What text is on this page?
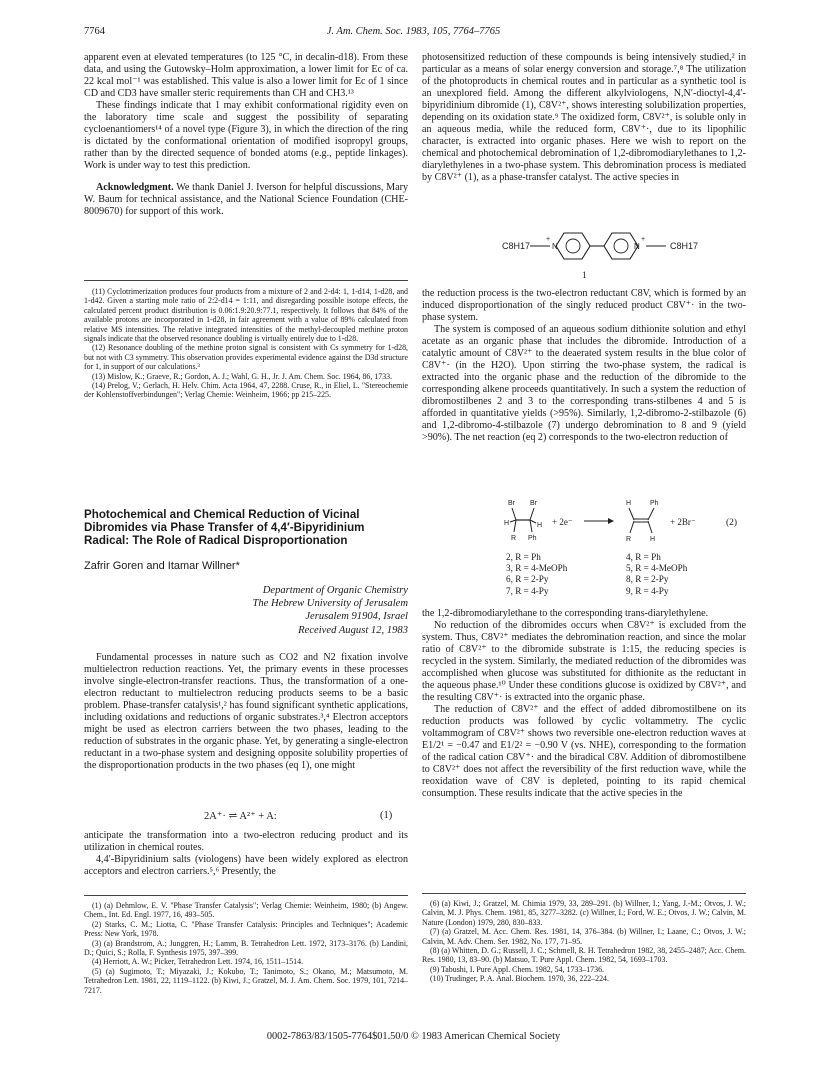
7764	J. Am. Chem. Soc. 1983, 105, 7764–7765

apparent even at elevated temperatures (to 125 °C, in decalin-d18). From these data, and using the Gutowsky–Holm approximation, a lower limit for Ec of ca. 22 kcal mol⁻¹ was established. This value is also a lower limit for Ec of 1 since CD and CD3 have smaller steric requirements than CH and CH3.¹³

These findings indicate that 1 may exhibit conformational rigidity even on the laboratory time scale and suggest the possibility of separating cycloenantiomers¹⁴ of a novel type (Figure 3), in which the direction of the ring is dictated by the conformational orientation of modified isopropyl groups, rather than by the directed sequence of bonded atoms (e.g., peptide linkages). Work is under way to test this prediction.

Acknowledgment. We thank Daniel J. Iverson for helpful discussions, Mary W. Baum for technical assistance, and the National Science Foundation (CHE-8009670) for support of this work.

(11) Cyclotrimerization produces four products from a mixture of 2 and 2-d4: 1, 1-d14, 1-d28, and 1-d42. Given a starting mole ratio of 2:2-d14 = 1:11, and disregarding possible isotope effects, the calculated percent product distribution is 0.06:1.9:20.9:77.1, respectively. It follows that 84% of the available protons are incorporated in 1-d28, in fair agreement with a value of 89% calculated from relative MS intensities. The relative integrated intensities of the methyl-decoupled methine proton signals indicate that the observed resonance doubling is virtually entirely due to 1-d28.

(12) Resonance doubling of the methine proton signal is consistent with Cs symmetry for 1-d28, but not with C3 symmetry. This observation provides experimental evidence against the D3d structure for 1, in support of our calculations.³

(13) Mislow, K.; Graeve, R.; Gordon, A. J.; Wahl, G. H., Jr. J. Am. Chem. Soc. 1964, 86, 1733.

(14) Prelog, V.; Gerlach, H. Helv. Chim. Acta 1964, 47, 2288. Cruse, R., in Eliel, L. "Stereochemie der Kohlenstoffverbindungen"; Verlag Chemie: Weinheim, 1966; pp 215–225.

Photochemical and Chemical Reduction of Vicinal
Dibromides via Phase Transfer of 4,4′-Bipyridinium
Radical: The Role of Radical Disproportionation
Zafrir Goren and Itamar Willner*
Department of Organic Chemistry
The Hebrew University of Jerusalem
Jerusalem 91904, Israel
Received August 12, 1983

Fundamental processes in nature such as CO2 and N2 fixation involve multielectron reduction reactions. Yet, the primary events in these processes involve single-electron-transfer reactions. Thus, the transformation of a one-electron reductant to multielectron reducing products seems to be a basic problem. Phase-transfer catalysis¹,² has found significant synthetic applications, including oxidations and reductions of organic substrates.³,⁴ Electron acceptors might be used as electron carriers between the two phases, leading to the reduction of substrates in the organic phase. Yet, by generating a single-electron reductant in a two-phase system and designing opposite solubility properties of the disproportionation products in the two phases (eq 1), one might

2A⁺· ⇌ A²⁺ + A:	(1)

anticipate the transformation into a two-electron reducing product and its utilization in chemical routes.

4,4′-Bipyridinium salts (viologens) have been widely explored as electron acceptors and electron carriers.⁵,⁶ Presently, the

(1) (a) Dehmlow, E. V. "Phase Transfer Catalysis"; Verlag Chemie: Weinheim, 1980; (b) Angew. Chem., Int. Ed. Engl. 1977, 16, 493–505.

(2) Starks, C. M.; Liotta, C. "Phase Transfer Catalysis: Principles and Techniques"; Academic Press: New York, 1978.

(3) (a) Brandstrom, A.; Junggren, H.; Lamm, B. Tetrahedron Lett. 1972, 3173–3176. (b) Landini, D.; Quici, S.; Rolla, F. Synthesis 1975, 397–399.

(4) Herriott, A. W.; Picker, Tetrahedron Lett. 1974, 16, 1511–1514.

(5) (a) Sugimoto, T.; Miyazaki, J.; Kokubo, T.; Tanimoto, S.; Okano, M.; Matsumoto, M. Tetrahedron Lett. 1981, 22, 1119–1122. (b) Kiwi, J.; Gratzel, M. J. Am. Chem. Soc. 1979, 101, 7214–7217.

photosensitized reduction of these compounds is being intensively studied,² in particular as a means of solar energy conversion and storage.⁷,⁸ The utilization of the photoproducts in chemical routes and in particular as a synthetic tool is an unexplored field. Among the different alkylviologens, N,N′-dioctyl-4,4′-bipyridinium dibromide (1), C8V²⁺, shows interesting solubilization properties, depending on its oxidation state.⁹ The oxidized form, C8V²⁺, is soluble only in an aqueous media, while the reduced form, C8V⁺·, due to its lipophilic character, is extracted into organic phases. Here we wish to report on the chemical and photochemical debromination of 1,2-dibromodiarylethanes to 1,2-diarylethylenes in a two-phase system. This debromination process is mediated by C8V²⁺ (1), as a phase-transfer catalyst. The active species in

C8H17
+
N	N
+
C8H17
1

the reduction process is the two-electron reductant C8V, which is formed by an induced disproportionation of the singly reduced product C8V⁺· in the two-phase system.

The system is composed of an aqueous sodium dithionite solution and ethyl acetate as an organic phase that includes the dibromide. Introduction of a catalytic amount of C8V²⁺ to the deaerated system results in the blue color of C8V⁺· (in the H2O). Upon stirring the two-phase system, the radical is extracted into the organic phase and the reduction of the dibromide to the corresponding alkene proceeds quantitatively. In such a system the reduction of dibromostilbenes 2 and 3 to the corresponding trans-stilbenes 4 and 5 is afforded in quantitative yields (>95%). Similarly, 1,2-dibromo-2-stilbazole (6) and 1,2-dibromo-4-stilbazole (7) undergo debromination to 8 and 9 (yield >90%). The net reaction (eq 2) corresponds to the two-electron reduction of

Br Br
H	H
R Ph
+ 2e⁻
H	Ph
R	H
+ 2Br⁻	(2)
2, R = Ph
3, R = 4-MeOPh
6, R = 2-Py
7, R = 4-Py
4, R = Ph
5, R = 4-MeOPh
8, R = 2-Py
9, R = 4-Py

the 1,2-dibromodiarylethane to the corresponding trans-diarylethylene.

No reduction of the dibromides occurs when C8V²⁺ is excluded from the system. Thus, C8V²⁺ mediates the debromination reaction, and since the molar ratio of C8V²⁺ to the dibromide substrate is 1:15, the reducing species is recycled in the system. Similarly, the mediated reduction of the dibromides was accomplished when glucose was substituted for dithionite as the reductant in the aqueous phase.¹⁰ Under these conditions glucose is oxidized by C8V²⁺, and the resulting C8V⁺· is extracted into the organic phase.

The reduction of C8V²⁺ and the effect of added dibromostilbene on its reduction products was followed by cyclic voltammetry. The cyclic voltammogram of C8V²⁺ shows two reversible one-electron reduction waves at E1/2¹ = −0.47 and E1/2² = −0.90 V (vs. NHE), corresponding to the formation of the radical cation C8V⁺· and the biradical C8V. Addition of dibromostilbene to C8V²⁺ does not affect the reversibility of the first reduction wave, while the reoxidation wave of C8V is depleted, pointing to its rapid chemical consumption. These results indicate that the active species in the

(6) (a) Kiwi, J.; Gratzel, M. Chimia 1979, 33, 289–291. (b) Willner, I.; Yang, J.-M.; Otvos, J. W.; Calvin, M. J. Phys. Chem. 1981, 85, 3277–3282. (c) Willner, I.; Ford, W. E.; Otvos, J. W.; Calvin, M. Nature (London) 1979, 280, 830–833.

(7) (a) Gratzel, M. Acc. Chem. Res. 1981, 14, 376–384. (b) Willner, I.; Laane, C.; Otvos, J. W.; Calvin, M. Adv. Chem. Ser. 1982, No. 177, 71–95.

(8) (a) Whitten, D. G.; Russell, J. C.; Schmell, R. H. Tetrahedron 1982, 38, 2455–2487; Acc. Chem. Res. 1980, 13, 83–90. (b) Matsuo, T. Pure Appl. Chem. 1982, 54, 1693–1703.

(9) Tabushi, I. Pure Appl. Chem. 1982, 54, 1733–1736.

(10) Trudinger, P. A. Anal. Biochem. 1970, 36, 222–224.

0002-7863/83/1505-7764$01.50/0 © 1983 American Chemical Society
